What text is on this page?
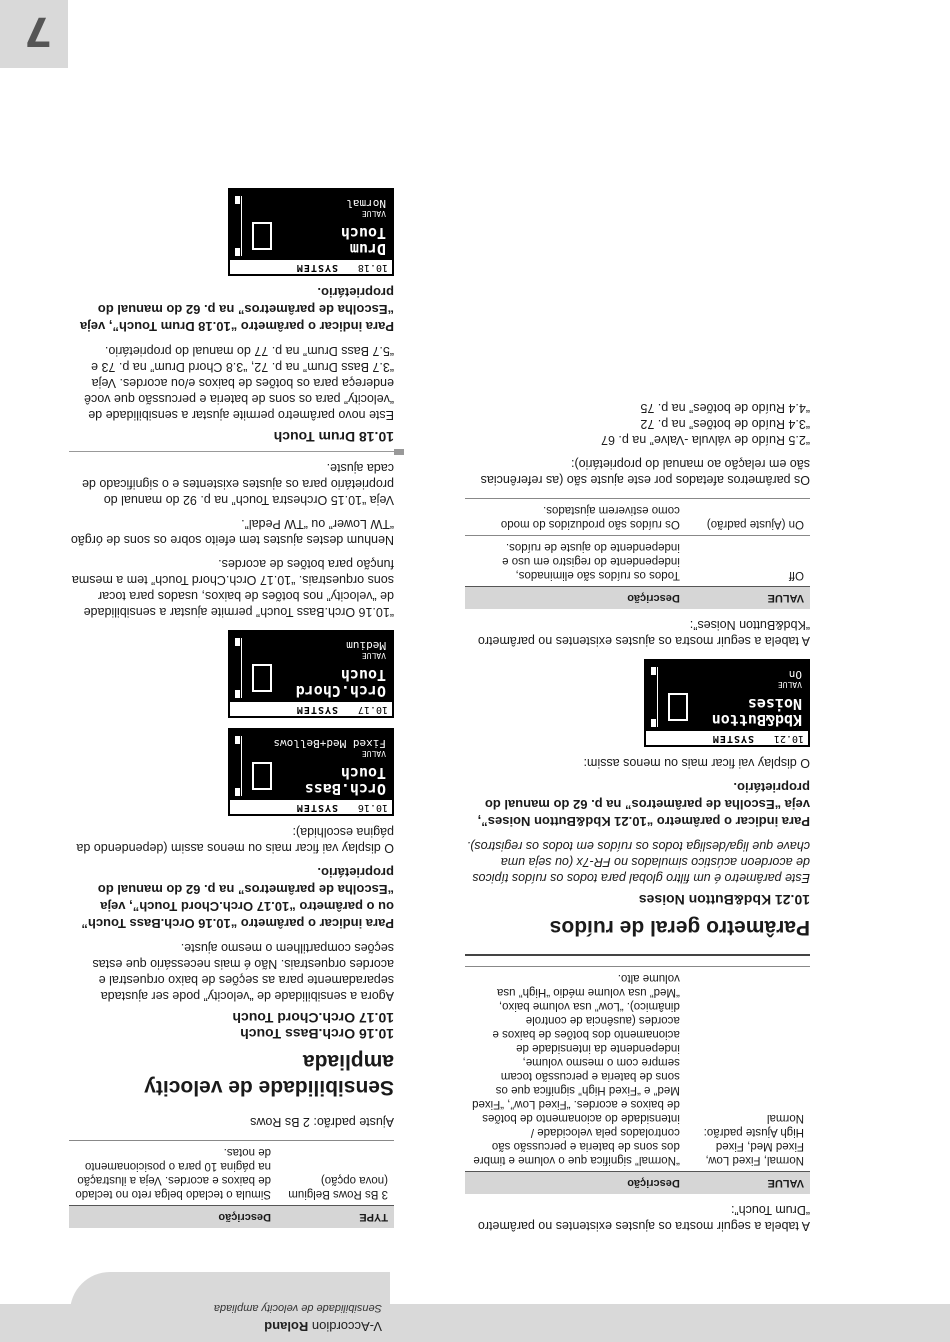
V-Accordion Roland
Sensibilidade de velocity ampliada

A tabela a seguir mostra os ajustes existentes no parâmetro “Drum Touch”:

VALUE	Descrição
Normal, Fixed Low, Fixed Med, Fixed High Ajuste padrão: Normal	“Normal” significa que o volume e timbre dos sons de bateria e percussão são controlados pela velocidade / intensidade do acionamento de botões de baixos e acordes. “Fixed Low”, “Fixed Med” e “Fixed High” significa que os sons de bateria e percussão tocam sempre com o mesmo volume, independente da intensidade de acionamento dos botões de baixos e acordes (ausência de controle dinâmico). “Low” usa volume baixo, “Med” usa volume médio “High” usa volume alto.
Parâmetro geral de ruídos
10.21 Kbd&Button Noises

Este parâmetro é um filtro global para todos os ruídos típicos de acordeon acústico simulados no FR-7x (ou seja uma chave que liga/desliga todos os ruídos em todos os registros).

Para indicar o parâmetro “10.21 Kbd&Button Noises”, veja “Escolha de parâmetros” na p. 62 do manual do proprietário.

O display vai ficar mais ou menos assim:

10.21
SYSTEM
Kbd&Button
Noises
VALUE
On

A tabela a seguir mostra os ajustes existentes no parâmetro “Kbd&Button Noises”:

VALUE	Descrição
Off	Todos os ruídos são eliminados, independente do registro em uso e independente do ajuste de ruídos.
On (Ajuste padrão)	Os ruídos são produzidos do modo como estiverem ajustados.

Os parâmetros afetados por este ajuste são (as referências são em relação ao manual do proprietário):

“2.5 Ruído de válvula -Valve” na p. 67

“3.4 Ruído de botões” na p. 72

“4.4 Ruído de botões” na p. 75

TYPE	Descrição
3 Bs Rows Belgium (nova opção)	Simula o teclado belga reto no teclado de baixos e acordes. Veja a ilustração na página 10 para o posicionamento de notas.

Ajuste padrão: 2 Bs Rows

Sensibilidade de velocity ampliada
10.16 Orch.Bass Touch
10.17 Orch.Chord Touch

Agora a sensibilidade de “velocity” pode ser ajustada separadamente para as seções de baixo orquestral e acordes orquestrais. Não é mais necessário que estas seções compartilhem o mesmo ajuste.

Para indicar o parâmetro “10.16 Orch.Bass Touch” ou o parâmetro “10.17 Orch.Chord Touch”, veja “Escolha de parâmetros” na p. 62 do manual do proprietário.

O display vai ficar mais ou menos assim (dependendo da página escolhida):

10.16
SYSTEM
Orch.Bass
Touch
VALUE
Fixed Med+Bellows
10.17
SYSTEM
Orch.Chord
Touch
VALUE
Medium

“10.16 Orch.Bass Touch” permite ajustar a sensibilidade de “velocity” nos botões de baixos, usados para tocar sons orquestrais. “10.17 Orch.Chord Touch” tem a mesma função para botões de acordes.

Nenhum destes ajustes tem efeito sobre os sons de órgão “TW Lower” ou “TW Pedal”.

Veja “10.15 Orchestra Touch” na p. 92 do manual do proprietário para os ajustes existentes e o significado de cada ajuste.

10.18 Drum Touch

Este novo parâmetro permite ajustar a sensibilidade de “velocity” para os sons de bateria e percussão que você endereça para os botões de baixos e/ou acordes. Veja “3.7 Bass Drum” na p. 72, “3.8 Chord Drum” na p. 73 e “5.7 Bass Drum” na p. 77 do manual do proprietário.

Para indicar o parâmetro “10.18 Drum Touch”, veja “Escolha de parâmetros” na p. 62 do manual do proprietário.

10.18
SYSTEM
Drum
Touch
VALUE
Normal
7
